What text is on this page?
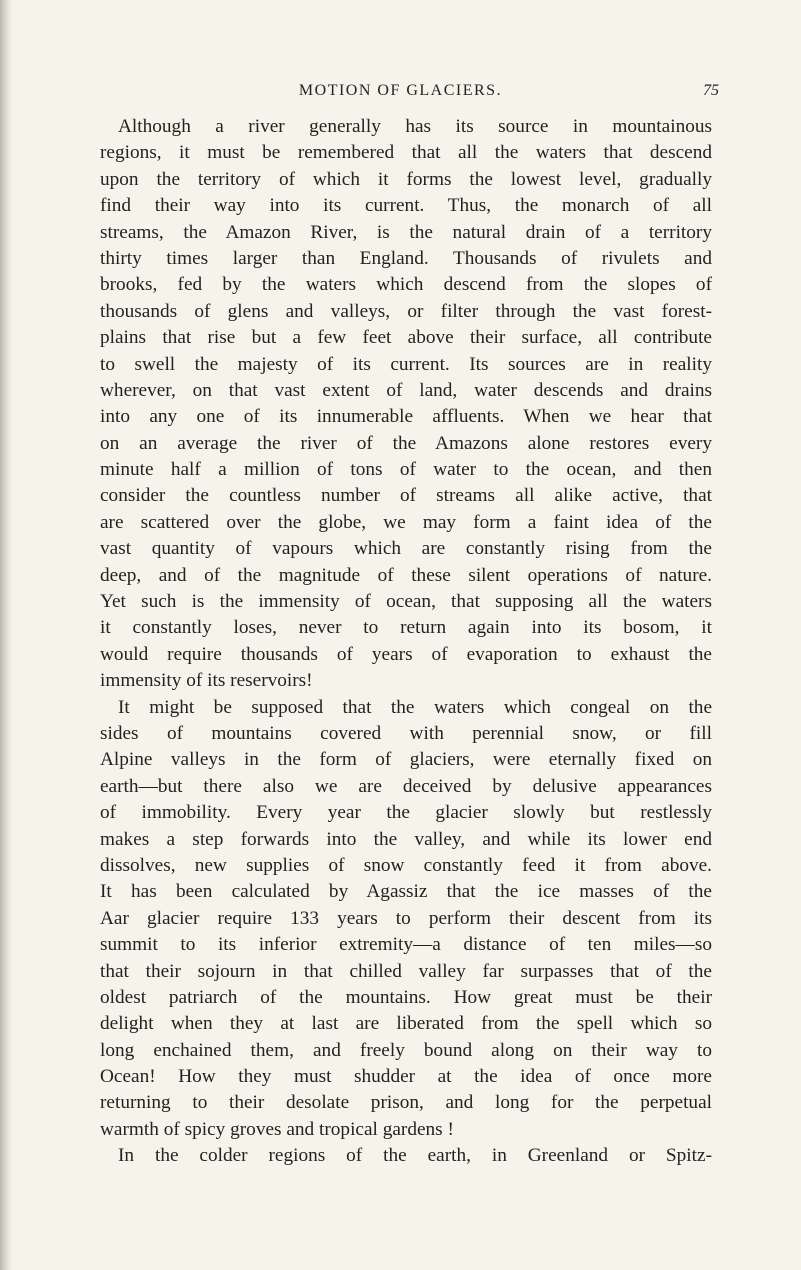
MOTION OF GLACIERS.	75
Although a river generally has its source in mountainous
regions, it must be remembered that all the waters that descend
upon the territory of which it forms the lowest level, gradually
find their way into its current. Thus, the monarch of all
streams, the Amazon River, is the natural drain of a territory
thirty times larger than England. Thousands of rivulets and
brooks, fed by the waters which descend from the slopes of
thousands of glens and valleys, or filter through the vast forest-
plains that rise but a few feet above their surface, all contribute
to swell the majesty of its current. Its sources are in reality
wherever, on that vast extent of land, water descends and drains
into any one of its innumerable affluents. When we hear that
on an average the river of the Amazons alone restores every
minute half a million of tons of water to the ocean, and then
consider the countless number of streams all alike active, that
are scattered over the globe, we may form a faint idea of the
vast quantity of vapours which are constantly rising from the
deep, and of the magnitude of these silent operations of nature.
Yet such is the immensity of ocean, that supposing all the waters
it constantly loses, never to return again into its bosom, it
would require thousands of years of evaporation to exhaust the
immensity of its reservoirs!
It might be supposed that the waters which congeal on the
sides of mountains covered with perennial snow, or fill
Alpine valleys in the form of glaciers, were eternally fixed on
earth—but there also we are deceived by delusive appearances
of immobility. Every year the glacier slowly but restlessly
makes a step forwards into the valley, and while its lower end
dissolves, new supplies of snow constantly feed it from above.
It has been calculated by Agassiz that the ice masses of the
Aar glacier require 133 years to perform their descent from its
summit to its inferior extremity—a distance of ten miles—so
that their sojourn in that chilled valley far surpasses that of the
oldest patriarch of the mountains. How great must be their
delight when they at last are liberated from the spell which so
long enchained them, and freely bound along on their way to
Ocean! How they must shudder at the idea of once more
returning to their desolate prison, and long for the perpetual
warmth of spicy groves and tropical gardens !
In the colder regions of the earth, in Greenland or Spitz-
